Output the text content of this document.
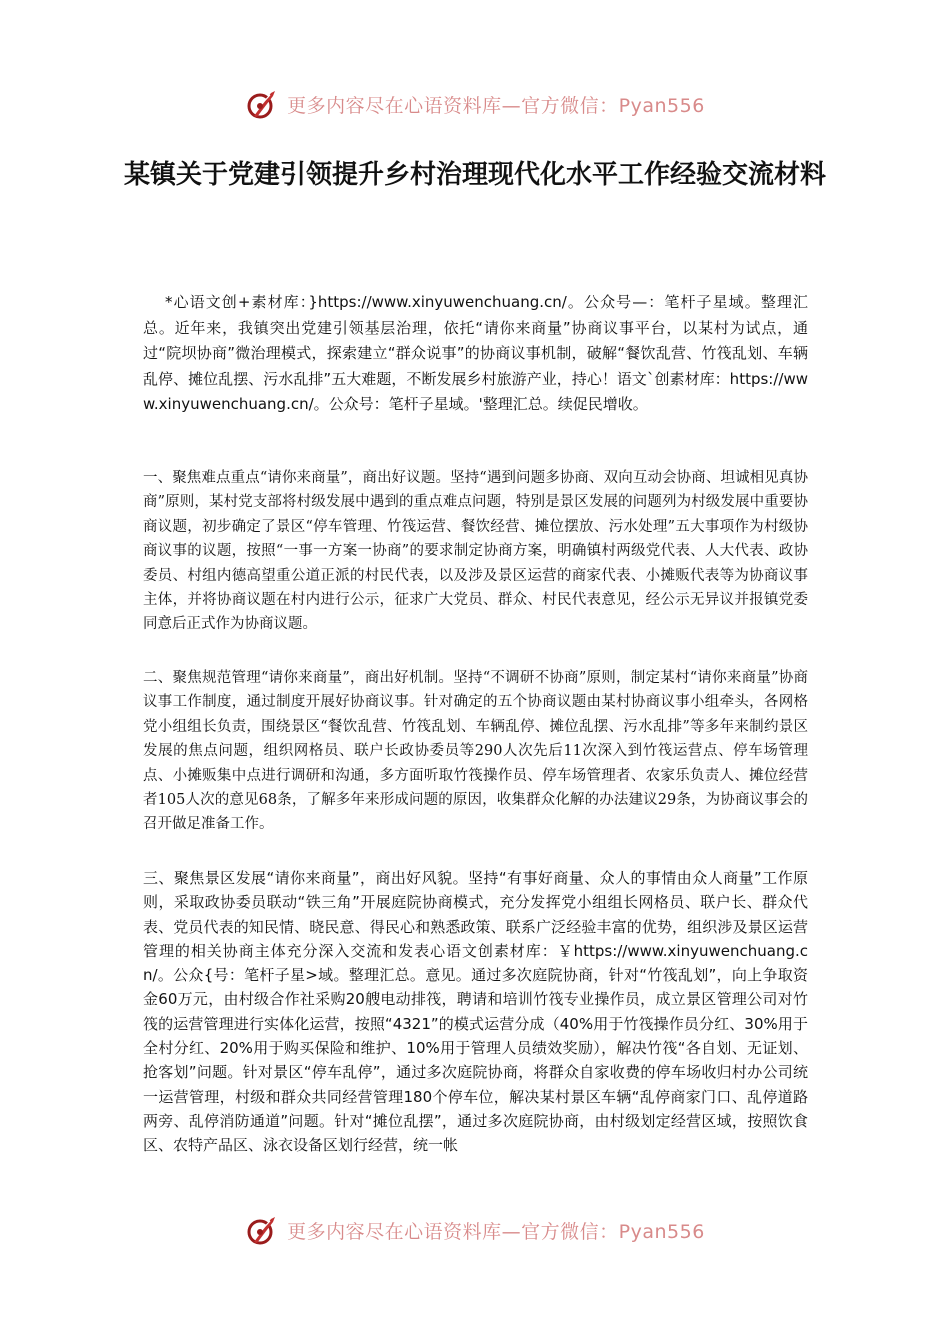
更多内容尽在心语资料库—官方微信：Pyan556
某镇关于党建引领提升乡村治理现代化水平工作经验交流材料

*心语文创+素材库：}https://www.xinyuwenchuang.cn/。公众号—：笔杆子星域。整理汇总。近年来，我镇突出党建引领基层治理，依托“请你来商量”协商议事平台，以某村为试点，通过“院坝协商”微治理模式，探索建立“群众说事”的协商议事机制，破解“餐饮乱营、竹筏乱划、车辆乱停、摊位乱摆、污水乱排”五大难题，不断发展乡村旅游产业，持心！语文`创素材库：https://www.xinyuwenchuang.cn/。公众号：笔杆子星域。'整理汇总。续促民增收。

一、聚焦难点重点“请你来商量”，商出好议题。坚持“遇到问题多协商、双向互动会协商、坦诚相见真协商”原则，某村党支部将村级发展中遇到的重点难点问题，特别是景区发展的问题列为村级发展中重要协商议题，初步确定了景区“停车管理、竹筏运营、餐饮经营、摊位摆放、污水处理”五大事项作为村级协商议事的议题，按照“一事一方案一协商”的要求制定协商方案，明确镇村两级党代表、人大代表、政协委员、村组内德高望重公道正派的村民代表，以及涉及景区运营的商家代表、小摊贩代表等为协商议事主体，并将协商议题在村内进行公示，征求广大党员、群众、村民代表意见，经公示无异议并报镇党委同意后正式作为协商议题。

二、聚焦规范管理“请你来商量”，商出好机制。坚持“不调研不协商”原则，制定某村“请你来商量”协商议事工作制度，通过制度开展好协商议事。针对确定的五个协商议题由某村协商议事小组牵头，各网格党小组组长负责，围绕景区“餐饮乱营、竹筏乱划、车辆乱停、摊位乱摆、污水乱排”等多年来制约景区发展的焦点问题，组织网格员、联户长政协委员等290人次先后11次深入到竹筏运营点、停车场管理点、小摊贩集中点进行调研和沟通，多方面听取竹筏操作员、停车场管理者、农家乐负责人、摊位经营者105人次的意见68条，了解多年来形成问题的原因，收集群众化解的办法建议29条，为协商议事会的召开做足准备工作。

三、聚焦景区发展“请你来商量”，商出好风貌。坚持“有事好商量、众人的事情由众人商量”工作原则，采取政协委员联动“铁三角”开展庭院协商模式，充分发挥党小组组长网格员、联户长、群众代表、党员代表的知民情、晓民意、得民心和熟悉政策、联系广泛经验丰富的优势，组织涉及景区运营管理的相关协商主体充分深入交流和发表心语文创素材库：￥https://www.xinyuwenchuang.cn/。公众{号：笔杆子星>域。整理汇总。意见。通过多次庭院协商，针对“竹筏乱划”，向上争取资金60万元，由村级合作社采购20艘电动排筏，聘请和培训竹筏专业操作员，成立景区管理公司对竹筏的运营管理进行实体化运营，按照“4321”的模式运营分成（40%用于竹筏操作员分红、30%用于全村分红、20%用于购买保险和维护、10%用于管理人员绩效奖励），解决竹筏“各自划、无证划、抢客划”问题。针对景区“停车乱停”，通过多次庭院协商，将群众自家收费的停车场收归村办公司统一运营管理，村级和群众共同经营管理180个停车位，解决某村景区车辆“乱停商家门口、乱停道路两旁、乱停消防通道”问题。针对“摊位乱摆”，通过多次庭院协商，由村级划定经营区域，按照饮食区、农特产品区、泳衣设备区划行经营，统一帐

更多内容尽在心语资料库—官方微信：Pyan556
